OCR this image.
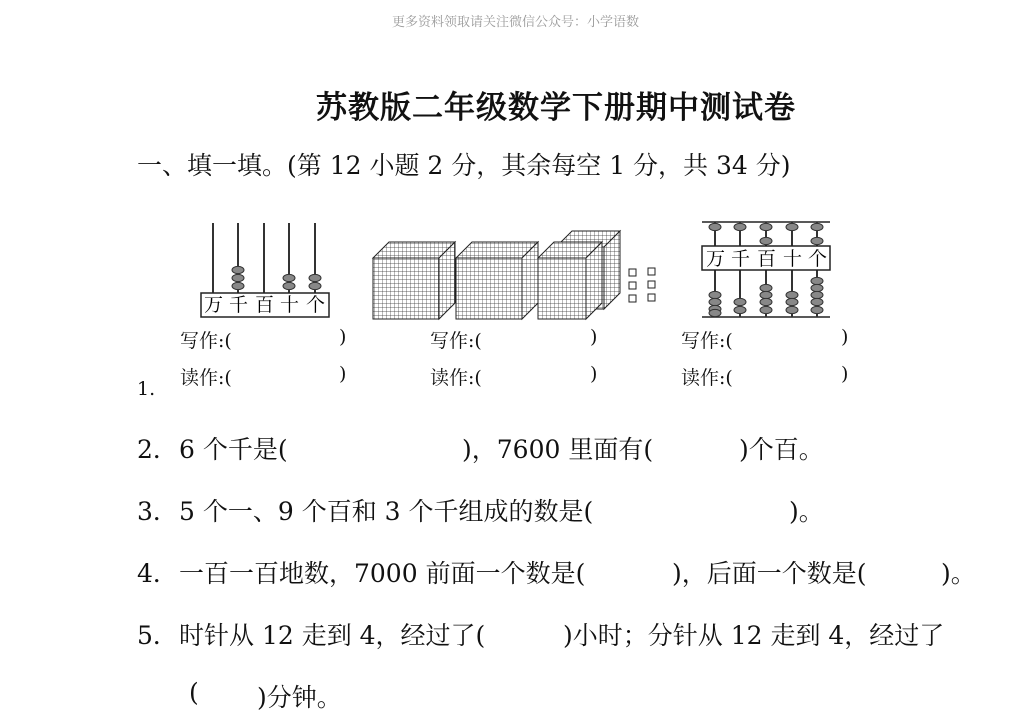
更多资料领取请关注微信公众号：小学语数
苏教版二年级数学下册期中测试卷
一、填一填。(第 12 小题 2 分，其余每空 1 分，共 34 分)
万 千 百 十 个
万 千 百 十 个
写作:(	)
读作:(	)
写作:(	)
读作:(	)
写作:(	)
读作:(	)
1.
2． 6 个千是(	)，7600 里面有(	)个百。
3． 5 个一、9 个百和 3 个千组成的数是(	)。
4． 一百一百地数，7000 前面一个数是(	)，后面一个数是(	)。
5． 时针从 12 走到 4，经过了(	)小时；分针从 12 走到 4，经过了
( )分钟。
